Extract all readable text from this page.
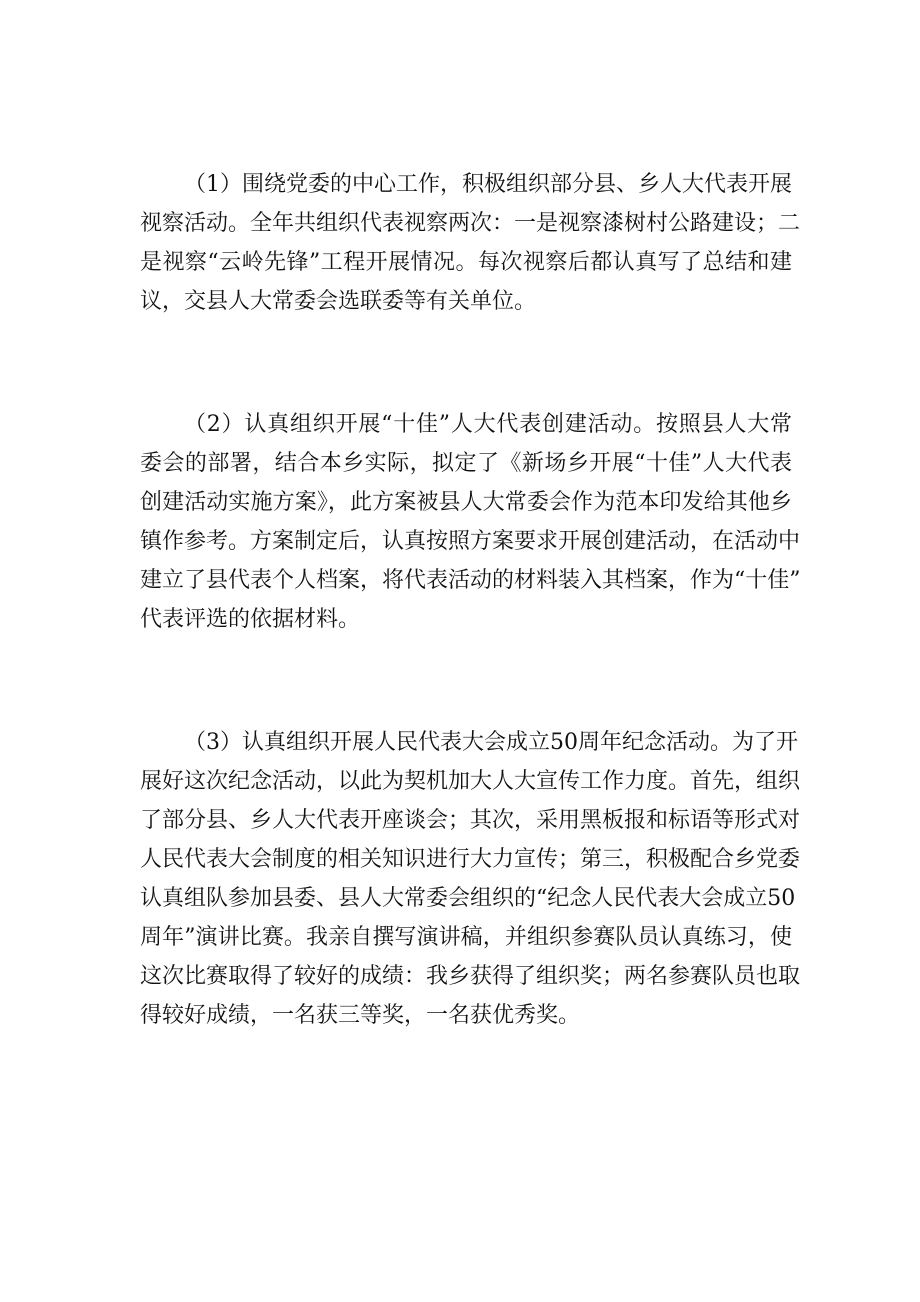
（1）围绕党委的中心工作，积极组织部分县、乡人大代表开展
视察活动。全年共组织代表视察两次：一是视察漆树村公路建设；二
是视察“云岭先锋”工程开展情况。每次视察后都认真写了总结和建
议，交县人大常委会选联委等有关单位。

（2）认真组织开展“十佳”人大代表创建活动。按照县人大常
委会的部署，结合本乡实际，拟定了《新场乡开展“十佳”人大代表
创建活动实施方案》，此方案被县人大常委会作为范本印发给其他乡
镇作参考。方案制定后，认真按照方案要求开展创建活动，在活动中
建立了县代表个人档案，将代表活动的材料装入其档案，作为“十佳”
代表评选的依据材料。

（3）认真组织开展人民代表大会成立50周年纪念活动。为了开
展好这次纪念活动，以此为契机加大人大宣传工作力度。首先，组织
了部分县、乡人大代表开座谈会；其次，采用黑板报和标语等形式对
人民代表大会制度的相关知识进行大力宣传；第三，积极配合乡党委
认真组队参加县委、县人大常委会组织的“纪念人民代表大会成立50
周年”演讲比赛。我亲自撰写演讲稿，并组织参赛队员认真练习，使
这次比赛取得了较好的成绩：我乡获得了组织奖；两名参赛队员也取
得较好成绩，一名获三等奖，一名获优秀奖。
